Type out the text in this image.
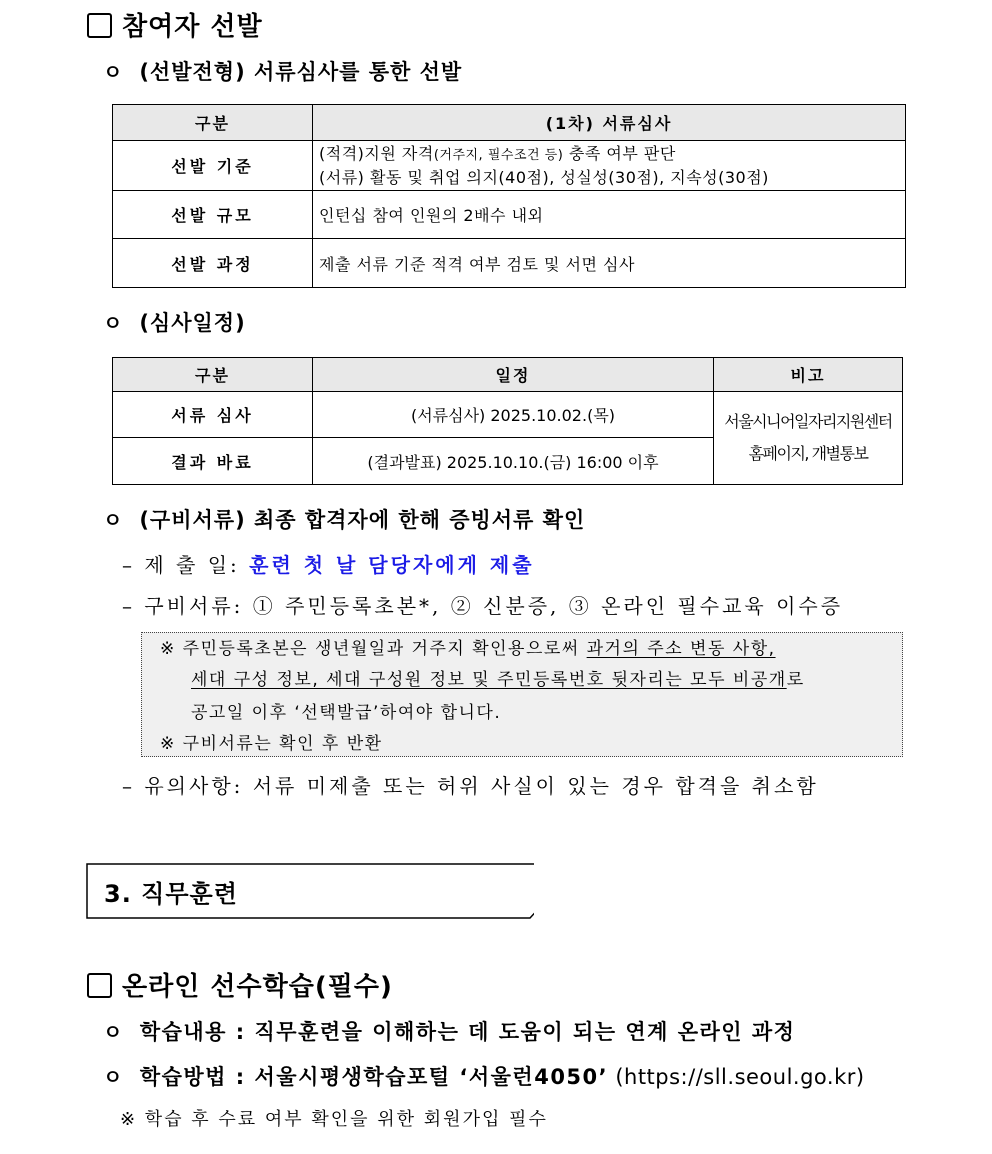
참여자 선발
ㅇ (선발전형) 서류심사를 통한 선발
구분	(1차) 서류심사
선발 기준	(적격)지원 자격(거주지, 필수조건 등) 충족 여부 판단
(서류) 활동 및 취업 의지(40점), 성실성(30점), 지속성(30점)

선발 규모	인턴십 참여 인원의 2배수 내외
선발 과정	제출 서류 기준 적격 여부 검토 및 서면 심사
ㅇ (심사일정)
구분	일정	비고
서류 심사	(서류심사) 2025.10.02.(목)	서울시니어일자리지원센터
홈페이지, 개별통보

결과 바료	(결과발표) 2025.10.10.(금) 16:00 이후	
ㅇ (구비서류) 최종 합격자에 한해 증빙서류 확인
– 제 출 일: 훈련 첫 날 담당자에게 제출
– 구비서류: ① 주민등록초본*, ② 신분증, ③ 온라인 필수교육 이수증
※ 주민등록초본은 생년월일과 거주지 확인용으로써 과거의 주소 변동 사항,
세대 구성 정보, 세대 구성원 정보 및 주민등록번호 뒷자리는 모두 비공개로
공고일 이후 ‘선택발급’하여야 합니다.
※ 구비서류는 확인 후 반환
– 유의사항: 서류 미제출 또는 허위 사실이 있는 경우 합격을 취소함
3. 직무훈련
온라인 선수학습(필수)
ㅇ 학습내용 : 직무훈련을 이해하는 데 도움이 되는 연계 온라인 과정
ㅇ 학습방법 : 서울시평생학습포털 ‘서울런4050’ (https://sll.seoul.go.kr)
※ 학습 후 수료 여부 확인을 위한 회원가입 필수
